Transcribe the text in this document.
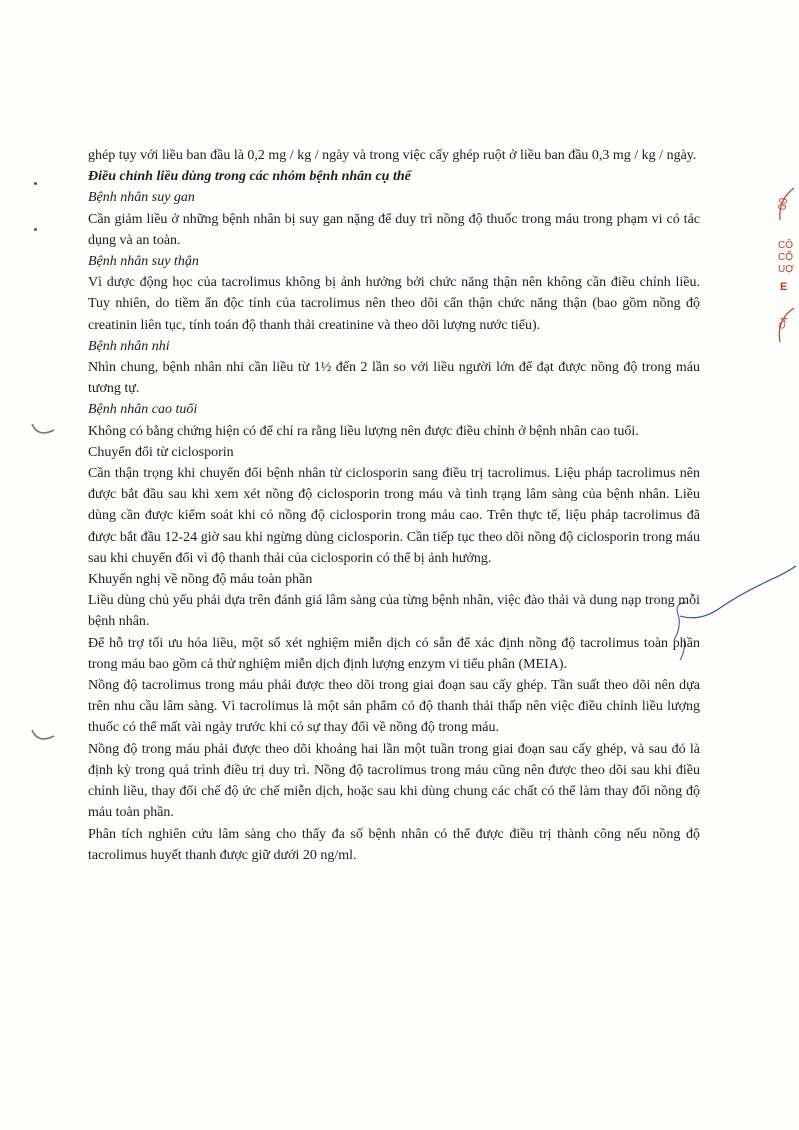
00
CÔ
CỔ
UỢ
E
CA

ghép tụy với liều ban đầu là 0,2 mg / kg / ngày và trong việc cấy ghép ruột ở liều ban đầu 0,3 mg / kg / ngày.

Điều chỉnh liều dùng trong các nhóm bệnh nhân cụ thể

Bệnh nhân suy gan

Cần giảm liều ở những bệnh nhân bị suy gan nặng để duy trì nồng độ thuốc trong máu trong phạm vi có tác dụng và an toàn.

Bệnh nhân suy thận

Vì dược động học của tacrolimus không bị ảnh hưởng bởi chức năng thận nên không cần điều chỉnh liều. Tuy nhiên, do tiềm ẩn độc tính của tacrolimus nên theo dõi cẩn thận chức năng thận (bao gồm nồng độ creatinin liên tục, tính toán độ thanh thải creatinine và theo dõi lượng nước tiểu).

Bệnh nhân nhi

Nhìn chung, bệnh nhân nhi cần liều từ 1½ đến 2 lần so với liều người lớn để đạt được nồng độ trong máu tương tự.

Bệnh nhân cao tuổi

Không có bằng chứng hiện có để chỉ ra rằng liều lượng nên được điều chỉnh ở bệnh nhân cao tuổi.

Chuyển đổi từ ciclosporin

Cần thận trọng khi chuyển đổi bệnh nhân từ ciclosporin sang điều trị tacrolimus. Liệu pháp tacrolimus nên được bắt đầu sau khi xem xét nồng độ ciclosporin trong máu và tình trạng lâm sàng của bệnh nhân. Liều dùng cần được kiểm soát khi có nồng độ ciclosporin trong máu cao. Trên thực tế, liệu pháp tacrolimus đã được bắt đầu 12-24 giờ sau khi ngừng dùng ciclosporin. Cần tiếp tục theo dõi nồng độ ciclosporin trong máu sau khi chuyển đổi vì độ thanh thải của ciclosporin có thể bị ảnh hưởng.

Khuyến nghị về nồng độ máu toàn phần

Liều dùng chủ yếu phải dựa trên đánh giá lâm sàng của từng bệnh nhân, việc đào thải và dung nạp trong mỗi bệnh nhân.

Để hỗ trợ tối ưu hóa liều, một số xét nghiệm miễn dịch có sẵn để xác định nồng độ tacrolimus toàn phần trong máu bao gồm cả thử nghiệm miễn dịch định lượng enzym vi tiểu phân (MEIA).

Nồng độ tacrolimus trong máu phải được theo dõi trong giai đoạn sau cấy ghép. Tần suất theo dõi nên dựa trên nhu cầu lâm sàng. Vì tacrolimus là một sản phẩm có độ thanh thải thấp nên việc điều chỉnh liều lượng thuốc có thể mất vài ngày trước khi có sự thay đổi về nồng độ trong máu.

Nồng độ trong máu phải được theo dõi khoảng hai lần một tuần trong giai đoạn sau cấy ghép, và sau đó là định kỳ trong quá trình điều trị duy trì. Nồng độ tacrolimus trong máu cũng nên được theo dõi sau khi điều chỉnh liều, thay đổi chế độ ức chế miễn dịch, hoặc sau khi dùng chung các chất có thể làm thay đổi nồng độ máu toàn phần.

Phân tích nghiên cứu lâm sàng cho thấy đa số bệnh nhân có thể được điều trị thành công nếu nồng độ tacrolimus huyết thanh được giữ dưới 20 ng/ml.
